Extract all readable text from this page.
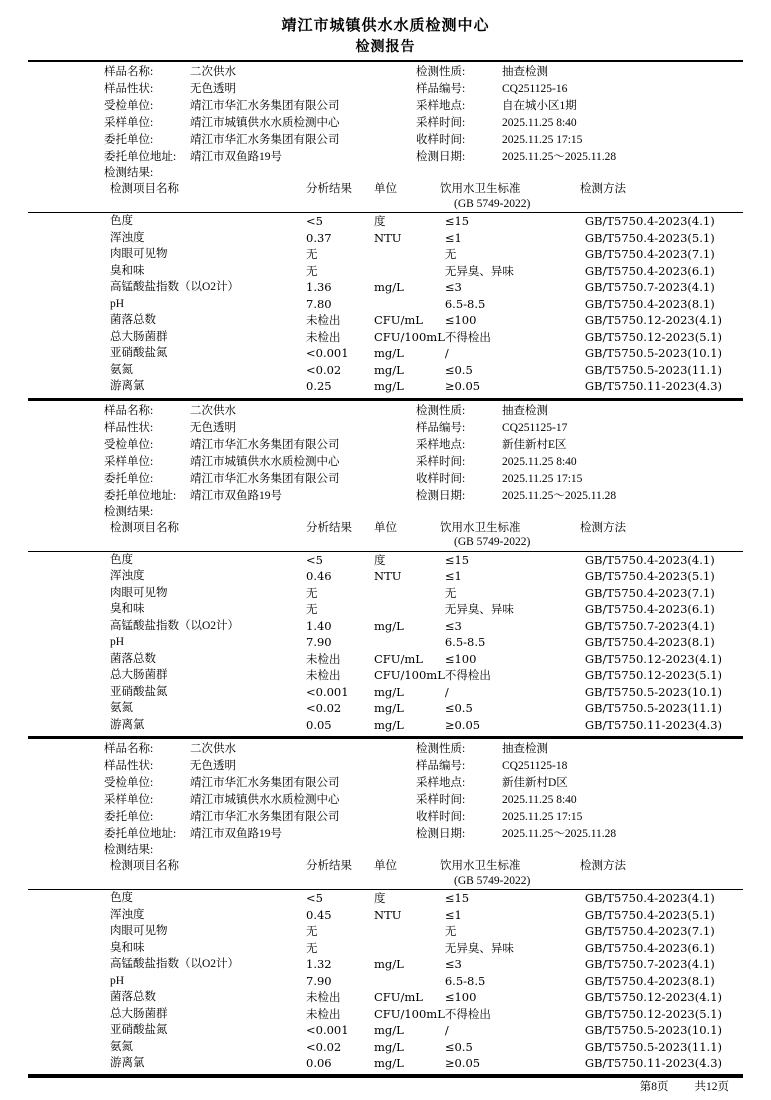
靖江市城镇供水水质检测中心
检测报告
样品名称:	二次供水	检测性质:	抽查检测
样品性状:	无色透明	样品编号:	CQ251125-16
受检单位:	靖江市华汇水务集团有限公司	采样地点:	自在城小区1期
采样单位:	靖江市城镇供水水质检测中心	采样时间:	2025.11.25 8:40
委托单位:	靖江市华汇水务集团有限公司	收样时间:	2025.11.25 17:15
委托单位地址:	靖江市双鱼路19号	检测日期:	2025.11.25～2025.11.28
检测结果:
检测项目名称	分析结果	单位	饮用水卫生标准	检测方法
			(GB 5749-2022)	
色度	<5	度	≤15	GB/T5750.4-2023(4.1)
浑浊度	0.37	NTU	≤1	GB/T5750.4-2023(5.1)
肉眼可见物	无		无	GB/T5750.4-2023(7.1)
臭和味	无		无异臭、异味	GB/T5750.4-2023(6.1)
高锰酸盐指数（以O2计）	1.36	mg/L	≤3	GB/T5750.7-2023(4.1)
pH	7.80		6.5-8.5	GB/T5750.4-2023(8.1)
菌落总数	未检出	CFU/mL	≤100	GB/T5750.12-2023(4.1)
总大肠菌群	未检出	CFU/100mL	不得检出	GB/T5750.12-2023(5.1)
亚硝酸盐氮	<0.001	mg/L	/	GB/T5750.5-2023(10.1)
氨氮	<0.02	mg/L	≤0.5	GB/T5750.5-2023(11.1)
游离氯	0.25	mg/L	≥0.05	GB/T5750.11-2023(4.3)
样品名称:	二次供水	检测性质:	抽查检测
样品性状:	无色透明	样品编号:	CQ251125-17
受检单位:	靖江市华汇水务集团有限公司	采样地点:	新佳新村E区
采样单位:	靖江市城镇供水水质检测中心	采样时间:	2025.11.25 8:40
委托单位:	靖江市华汇水务集团有限公司	收样时间:	2025.11.25 17:15
委托单位地址:	靖江市双鱼路19号	检测日期:	2025.11.25～2025.11.28
检测结果:
检测项目名称	分析结果	单位	饮用水卫生标准	检测方法
			(GB 5749-2022)	
色度	<5	度	≤15	GB/T5750.4-2023(4.1)
浑浊度	0.46	NTU	≤1	GB/T5750.4-2023(5.1)
肉眼可见物	无		无	GB/T5750.4-2023(7.1)
臭和味	无		无异臭、异味	GB/T5750.4-2023(6.1)
高锰酸盐指数（以O2计）	1.40	mg/L	≤3	GB/T5750.7-2023(4.1)
pH	7.90		6.5-8.5	GB/T5750.4-2023(8.1)
菌落总数	未检出	CFU/mL	≤100	GB/T5750.12-2023(4.1)
总大肠菌群	未检出	CFU/100mL	不得检出	GB/T5750.12-2023(5.1)
亚硝酸盐氮	<0.001	mg/L	/	GB/T5750.5-2023(10.1)
氨氮	<0.02	mg/L	≤0.5	GB/T5750.5-2023(11.1)
游离氯	0.05	mg/L	≥0.05	GB/T5750.11-2023(4.3)
样品名称:	二次供水	检测性质:	抽查检测
样品性状:	无色透明	样品编号:	CQ251125-18
受检单位:	靖江市华汇水务集团有限公司	采样地点:	新佳新村D区
采样单位:	靖江市城镇供水水质检测中心	采样时间:	2025.11.25 8:40
委托单位:	靖江市华汇水务集团有限公司	收样时间:	2025.11.25 17:15
委托单位地址:	靖江市双鱼路19号	检测日期:	2025.11.25～2025.11.28
检测结果:
检测项目名称	分析结果	单位	饮用水卫生标准	检测方法
			(GB 5749-2022)	
色度	<5	度	≤15	GB/T5750.4-2023(4.1)
浑浊度	0.45	NTU	≤1	GB/T5750.4-2023(5.1)
肉眼可见物	无		无	GB/T5750.4-2023(7.1)
臭和味	无		无异臭、异味	GB/T5750.4-2023(6.1)
高锰酸盐指数（以O2计）	1.32	mg/L	≤3	GB/T5750.7-2023(4.1)
pH	7.90		6.5-8.5	GB/T5750.4-2023(8.1)
菌落总数	未检出	CFU/mL	≤100	GB/T5750.12-2023(4.1)
总大肠菌群	未检出	CFU/100mL	不得检出	GB/T5750.12-2023(5.1)
亚硝酸盐氮	<0.001	mg/L	/	GB/T5750.5-2023(10.1)
氨氮	<0.02	mg/L	≤0.5	GB/T5750.5-2023(11.1)
游离氯	0.06	mg/L	≥0.05	GB/T5750.11-2023(4.3)
第8页 共12页
